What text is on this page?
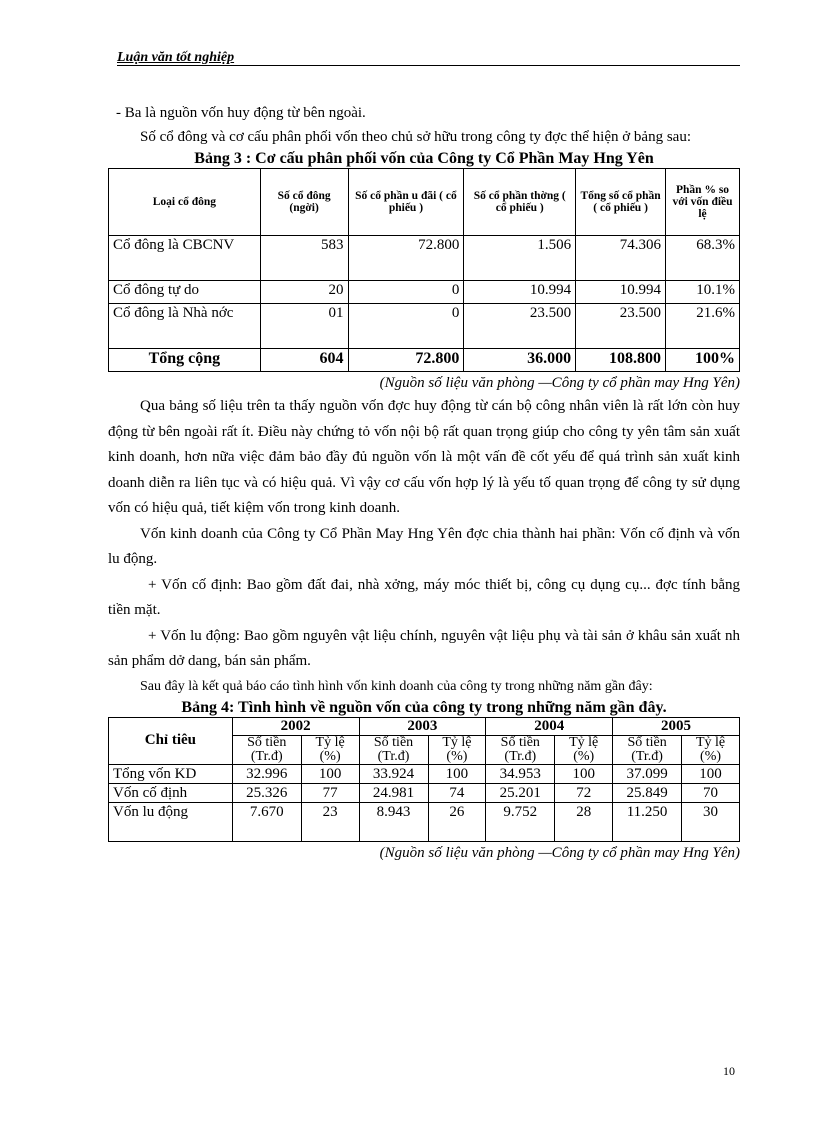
Luận văn tốt nghiệp

- Ba là nguồn vốn huy động từ bên ngoài.

Số cổ đông và cơ cấu phân phối vốn theo chủ sở hữu trong công ty đợc thể hiện ở bảng sau:

Bảng 3 : Cơ cấu phân phối vốn của Công ty Cổ Phần May Hng Yên

Loại cổ đông	Số cổ đông (ngời)	Số cổ phần u đãi ( cổ phiếu )	Số cổ phần thờng ( cổ phiếu )	Tổng số cổ phần ( cổ phiếu )	Phần % so với vốn điều lệ
Cổ đông là CBCNV	583	72.800	1.506	74.306	68.3%
Cổ đông tự do	20	0	10.994	10.994	10.1%
Cổ đông là Nhà nớc	01	0	23.500	23.500	21.6%
Tổng cộng	604	72.800	36.000	108.800	100%

(Nguồn số liệu văn phòng —Công ty cổ phần may Hng Yên)

Qua bảng số liệu trên ta thấy nguồn vốn đợc huy động từ cán bộ công nhân viên là rất lớn còn huy động từ bên ngoài rất ít. Điều này chứng tỏ vốn nội bộ rất quan trọng giúp cho công ty yên tâm sản xuất kinh doanh, hơn nữa việc đảm bảo đầy đủ nguồn vốn là một vấn đề cốt yếu để quá trình sản xuất kinh doanh diễn ra liên tục và có hiệu quả. Vì vậy cơ cấu vốn hợp lý là yếu tố quan trọng để công ty sử dụng vốn có hiệu quả, tiết kiệm vốn trong kinh doanh.

Vốn kinh doanh của Công ty Cổ Phần May Hng Yên đợc chia thành hai phần: Vốn cố định và vốn lu động.

+ Vốn cố định: Bao gồm đất đai, nhà xởng, máy móc thiết bị, công cụ dụng cụ... đợc tính bằng tiền mặt.

+ Vốn lu động: Bao gồm nguyên vật liệu chính, nguyên vật liệu phụ và tài sản ở khâu sản xuất nh sản phẩm dở dang, bán sản phẩm.

Sau đây là kết quả báo cáo tình hình vốn kinh doanh của công ty trong những năm gần đây:

Bảng 4: Tình hình về nguồn vốn của công ty trong những năm gần đây.

Chỉ tiêu	2002		2003		2004		2005	
	Số tiền (Tr.đ)	Tỷ lệ (%)	Số tiền (Tr.đ)	Tỷ lệ (%)	Số tiền (Tr.đ)	Tỷ lệ (%)	Số tiền (Tr.đ)	Tỷ lệ (%)
Tổng vốn KD	32.996	100	33.924	100	34.953	100	37.099	100
Vốn cố định	25.326	77	24.981	74	25.201	72	25.849	70
Vốn lu động	7.670	23	8.943	26	9.752	28	11.250	30

(Nguồn số liệu văn phòng —Công ty cổ phần may Hng Yên)

10
